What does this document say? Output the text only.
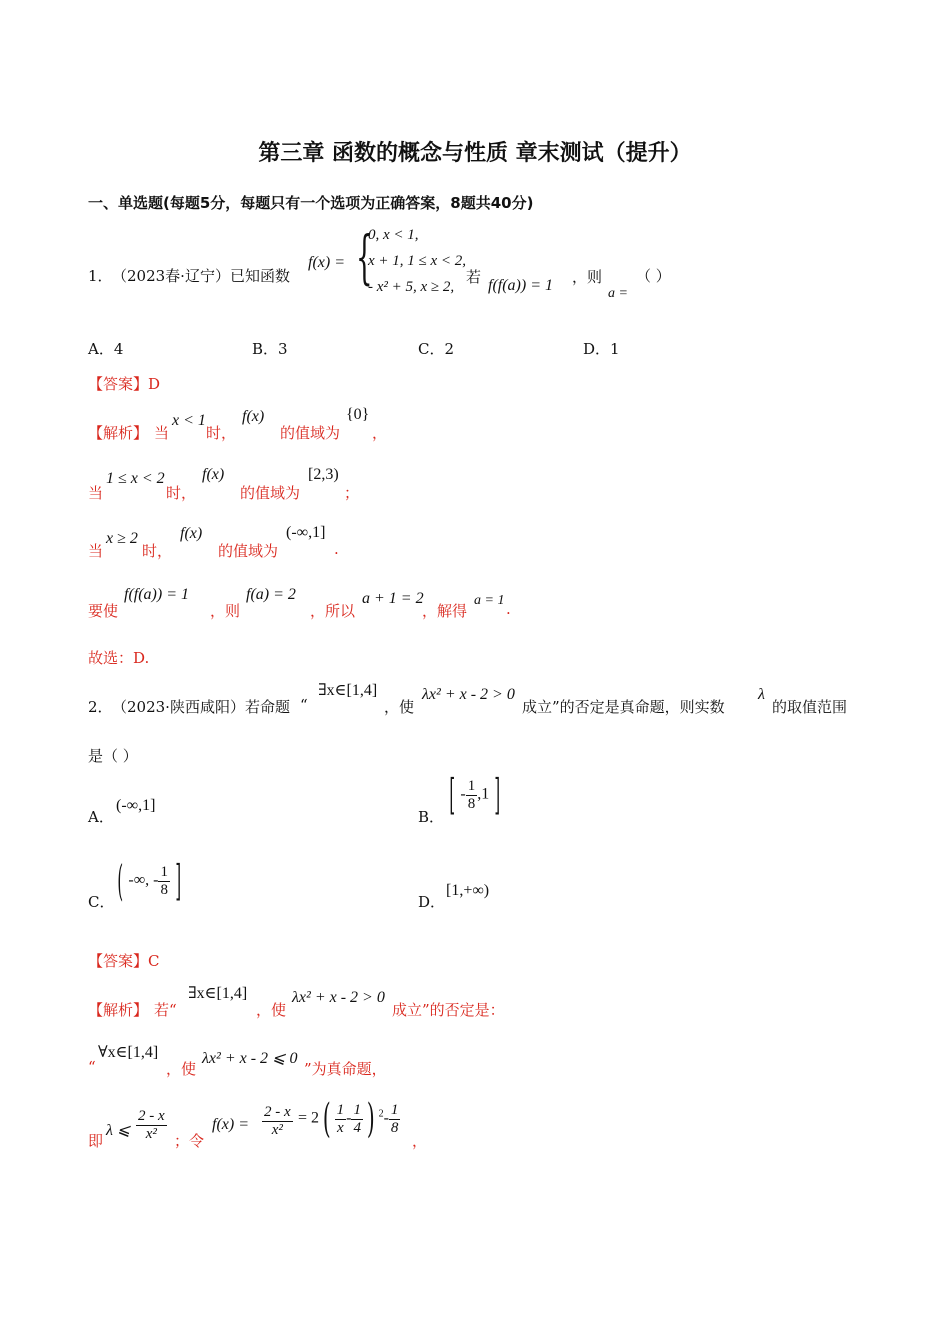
第三章 函数的概念与性质 章末测试（提升）
一、单选题(每题5分，每题只有一个选项为正确答案，8题共40分)
1． （2023春·辽宁）已知函数
f(x) = {
0, x < 1,
x + 1, 1 ≤ x < 2,
- x² + 5, x ≥ 2,
若 f(f(a)) = 1 ，则
a =
（ ）
A．4	B．3	C．2	D．1
【答案】D
【解析】 当
x < 1
时，
f(x)
的值域为
{0}
，
当
1 ≤ x < 2
时，
f(x)
的值域为
[2,3)
；
当
x ≥ 2
时，
f(x)
的值域为
(-∞,1]
.
要使
f(f(a)) = 1
，则
f(a) = 2
，所以
a + 1 = 2
，解得
a = 1 .
故选：D.
2． （2023·陕西咸阳）若命题 “
∃x∈[1,4]
，使
λx² + x - 2 > 0
成立”的否定是真命题，则实数
λ
的取值范围
是（ ）
A．
(-∞,1]
B． [ - $\frac{1}{8} ,1$ ]
C． ( -∞, - $\frac{1}{8}$ ]	D．
[1,+∞)
【答案】C
【解析】 若“
∃x∈[1,4]
，使
λx² + x - 2 > 0
成立”的否定是：
“
∀x∈[1,4]
，使
λx² + x - 2 ⩽ 0
”为真命题，
即
λ ⩽ $\frac{2 - x}{\text{x²}}$ ；令
$f(x) = \frac{2 - x}{\text{x²}} = 2( \frac{1}{x} - \frac{1}{4}$ ) $^2- \frac{1}{8}$
，
